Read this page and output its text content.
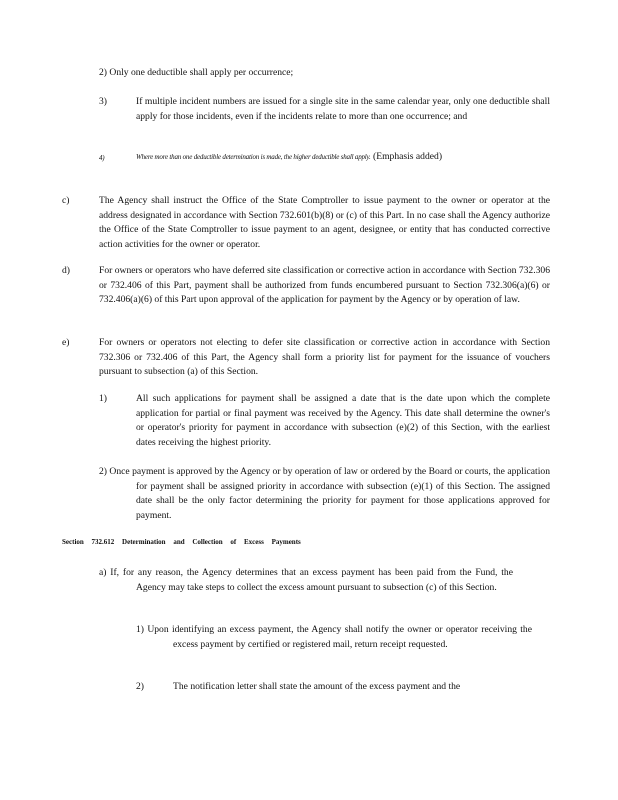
2) Only one deductible shall apply per occurrence;
3)	If multiple incident numbers are issued for a single site in the same calendar year, only one deductible shall apply for those incidents, even if the incidents relate to more than one occurrence; and
4)	Where more than one deductible determination is made, the higher deductible shall apply. (Emphasis added)
c)	The Agency shall instruct the Office of the State Comptroller to issue payment to the owner or operator at the address designated in accordance with Section 732.601(b)(8) or (c) of this Part. In no case shall the Agency authorize the Office of the State Comptroller to issue payment to an agent, designee, or entity that has conducted corrective action activities for the owner or operator.
d)	For owners or operators who have deferred site classification or corrective action in accordance with Section 732.306 or 732.406 of this Part, payment shall be authorized from funds encumbered pursuant to Section 732.306(a)(6) or 732.406(a)(6) of this Part upon approval of the application for payment by the Agency or by operation of law.
e)	For owners or operators not electing to defer site classification or corrective action in accordance with Section 732.306 or 732.406 of this Part, the Agency shall form a priority list for payment for the issuance of vouchers pursuant to subsection (a) of this Section.
1)	All such applications for payment shall be assigned a date that is the date upon which the complete application for partial or final payment was received by the Agency. This date shall determine the owner's or operator's priority for payment in accordance with subsection (e)(2) of this Section, with the earliest dates receiving the highest priority.

2) Once payment is approved by the Agency or by operation of law or ordered by the Board or courts, the application for payment shall be assigned priority in accordance with subsection (e)(1) of this Section. The assigned date shall be the only factor determining the priority for payment for those applications approved for payment.

Section 732.612 Determination and Collection of Excess Payments

a) If, for any reason, the Agency determines that an excess payment has been paid from the Fund, the Agency may take steps to collect the excess amount pursuant to subsection (c) of this Section.

1) Upon identifying an excess payment, the Agency shall notify the owner or operator receiving the excess payment by certified or registered mail, return receipt requested.

2)	The notification letter shall state the amount of the excess payment and the
